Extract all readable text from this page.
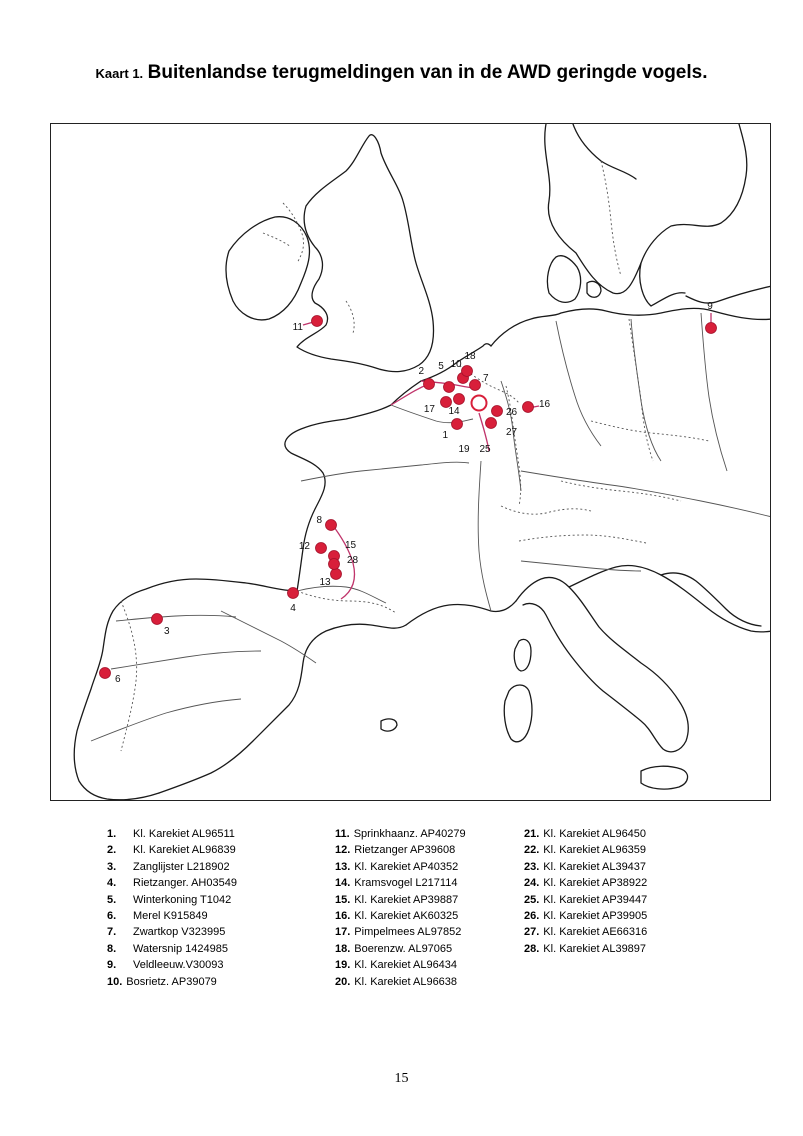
Kaart 1. Buitenlandse terugmeldingen van in de AWD geringde vogels.
1
2
3
4
5
6
7
8
9
10
11
12
13
14
15
16
17
18
19 25
26
27
28
1. Kl. Karekiet AL96511
2. Kl. Karekiet AL96839
3. Zanglijster L218902
4. Rietzanger. AH03549
5. Winterkoning T1042
6. Merel K915849
7. Zwartkop V323995
8. Watersnip 1424985
9. Veldleeuw.V30093
10. Bosrietz. AP39079
11. Sprinkhaanz. AP40279
12. Rietzanger AP39608
13. Kl. Karekiet AP40352
14. Kramsvogel L217114
15. Kl. Karekiet AP39887
16. Kl. Karekiet AK60325
17. Pimpelmees AL97852
18. Boerenzw. AL97065
19. Kl. Karekiet AL96434
20. Kl. Karekiet AL96638
21. Kl. Karekiet AL96450
22. Kl. Karekiet AL96359
23. Kl. Karekiet AL39437
24. Kl. Karekiet AP38922
25. Kl. Karekiet AP39447
26. Kl. Karekiet AP39905
27. Kl. Karekiet AE66316
28. Kl. Karekiet AL39897
15
